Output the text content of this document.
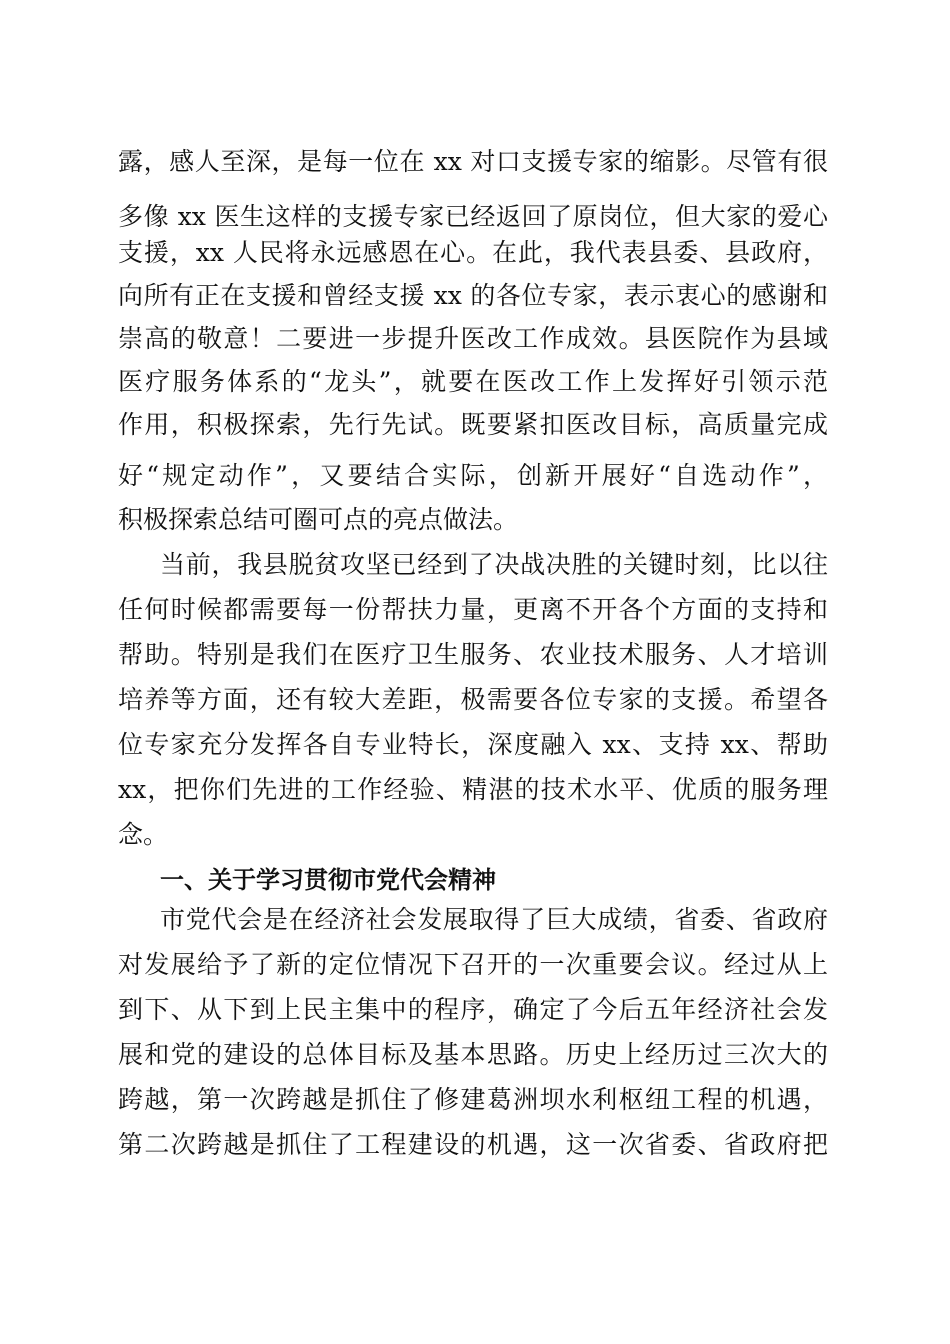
露，感人至深，是每一位在 xx 对口支援专家的缩影。尽管有很
多像 xx 医生这样的支援专家已经返回了原岗位，但大家的爱心
支援，xx 人民将永远感恩在心。在此，我代表县委、县政府，
向所有正在支援和曾经支援 xx 的各位专家，表示衷心的感谢和
崇高的敬意！二要进一步提升医改工作成效。县医院作为县域
医疗服务体系的“龙头”，就要在医改工作上发挥好引领示范
作用，积极探索，先行先试。既要紧扣医改目标，高质量完成
好“规定动作”，又要结合实际，创新开展好“自选动作”，
积极探索总结可圈可点的亮点做法。
当前，我县脱贫攻坚已经到了决战决胜的关键时刻，比以往
任何时候都需要每一份帮扶力量，更离不开各个方面的支持和
帮助。特别是我们在医疗卫生服务、农业技术服务、人才培训
培养等方面，还有较大差距，极需要各位专家的支援。希望各
位专家充分发挥各自专业特长，深度融入 xx、支持 xx、帮助
xx，把你们先进的工作经验、精湛的技术水平、优质的服务理
念。
一、关于学习贯彻市党代会精神
市党代会是在经济社会发展取得了巨大成绩，省委、省政府
对发展给予了新的定位情况下召开的一次重要会议。经过从上
到下、从下到上民主集中的程序，确定了今后五年经济社会发
展和党的建设的总体目标及基本思路。历史上经历过三次大的
跨越，第一次跨越是抓住了修建葛洲坝水利枢纽工程的机遇，
第二次跨越是抓住了工程建设的机遇，这一次省委、省政府把
